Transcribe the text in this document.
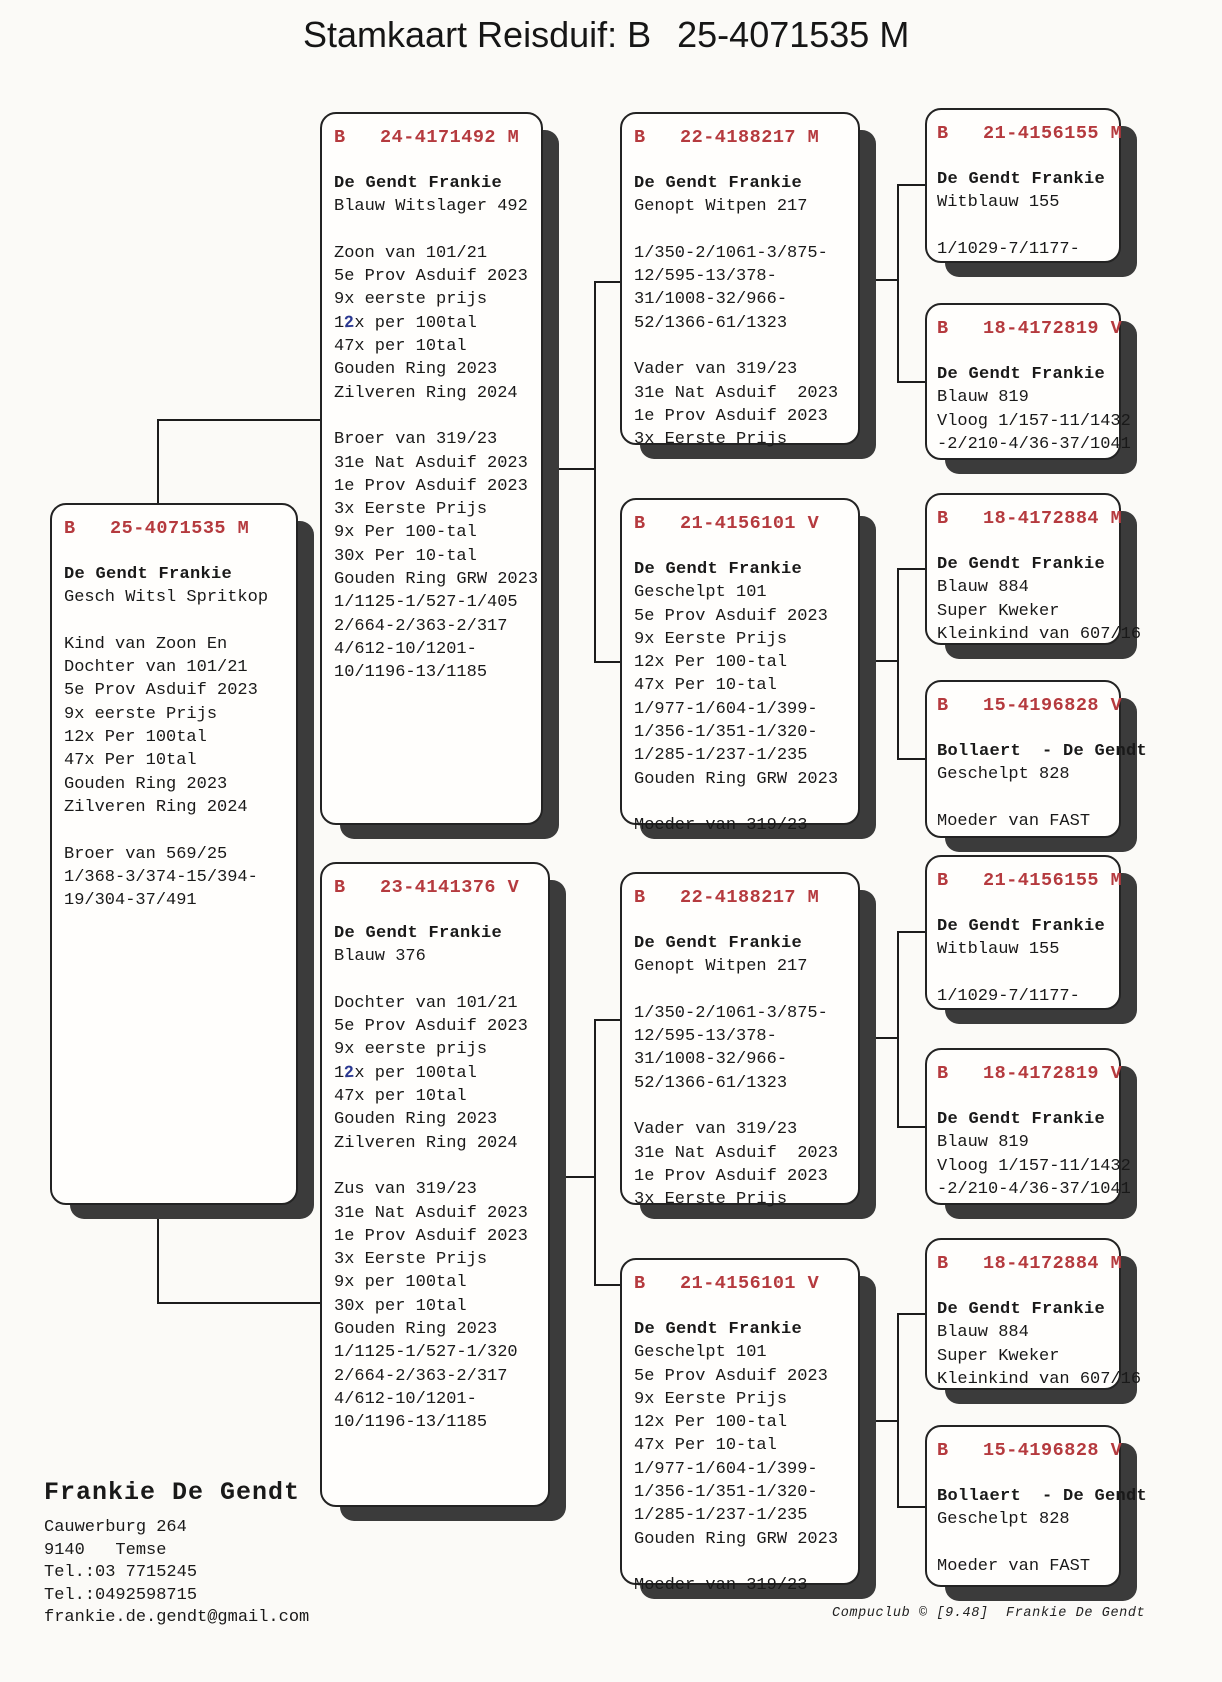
Stamkaart Reisduif: B 25-4071535 M
B	25-4071535 M
De Gendt Frankie
Gesch Witsl Spritkop
Kind van Zoon En
Dochter van 101/21
5e Prov Asduif 2023
9x eerste Prijs
12x Per 100tal
47x Per 10tal
Gouden Ring 2023
Zilveren Ring 2024
Broer van 569/25
1/368-3/374-15/394-
19/304-37/491
B	24-4171492 M
De Gendt Frankie
Blauw Witslager 492
Zoon van 101/21
5e Prov Asduif 2023
9x eerste prijs
12x per 100tal
47x per 10tal
Gouden Ring 2023
Zilveren Ring 2024
Broer van 319/23
31e Nat Asduif 2023
1e Prov Asduif 2023
3x Eerste Prijs
9x Per 100-tal
30x Per 10-tal
Gouden Ring GRW 2023
1/1125-1/527-1/405
2/664-2/363-2/317
4/612-10/1201-
10/1196-13/1185
B	23-4141376 V
De Gendt Frankie
Blauw 376
Dochter van 101/21
5e Prov Asduif 2023
9x eerste prijs
12x per 100tal
47x per 10tal
Gouden Ring 2023
Zilveren Ring 2024
Zus van 319/23
31e Nat Asduif 2023
1e Prov Asduif 2023
3x Eerste Prijs
9x per 100tal
30x per 10tal
Gouden Ring 2023
1/1125-1/527-1/320
2/664-2/363-2/317
4/612-10/1201-
10/1196-13/1185
B	22-4188217 M
De Gendt Frankie
Genopt Witpen 217
1/350-2/1061-3/875-
12/595-13/378-
31/1008-32/966-
52/1366-61/1323
Vader van 319/23
31e Nat Asduif  2023
1e Prov Asduif 2023
3x Eerste Prijs
B	21-4156101 V
De Gendt Frankie
Geschelpt 101
5e Prov Asduif 2023
9x Eerste Prijs
12x Per 100-tal
47x Per 10-tal
1/977-1/604-1/399-
1/356-1/351-1/320-
1/285-1/237-1/235
Gouden Ring GRW 2023
Moeder van 319/23
B	22-4188217 M
De Gendt Frankie
Genopt Witpen 217
1/350-2/1061-3/875-
12/595-13/378-
31/1008-32/966-
52/1366-61/1323
Vader van 319/23
31e Nat Asduif  2023
1e Prov Asduif 2023
3x Eerste Prijs
B	21-4156101 V
De Gendt Frankie
Geschelpt 101
5e Prov Asduif 2023
9x Eerste Prijs
12x Per 100-tal
47x Per 10-tal
1/977-1/604-1/399-
1/356-1/351-1/320-
1/285-1/237-1/235
Gouden Ring GRW 2023
Moeder van 319/23
B	21-4156155 M
De Gendt Frankie
Witblauw 155
1/1029-7/1177-
B	18-4172819 V
De Gendt Frankie
Blauw 819
Vloog 1/157-11/1432
-2/210-4/36-37/1041
B	18-4172884 M
De Gendt Frankie
Blauw 884
Super Kweker
Kleinkind van 607/16
B	15-4196828 V
Bollaert  - De Gendt
Geschelpt 828
Moeder van FAST
B	21-4156155 M
De Gendt Frankie
Witblauw 155
1/1029-7/1177-
B	18-4172819 V
De Gendt Frankie
Blauw 819
Vloog 1/157-11/1432
-2/210-4/36-37/1041
B	18-4172884 M
De Gendt Frankie
Blauw 884
Super Kweker
Kleinkind van 607/16
B	15-4196828 V
Bollaert  - De Gendt
Geschelpt 828
Moeder van FAST
Frankie De Gendt
Cauwerburg 264
9140   Temse
Tel.:03 7715245
Tel.:0492598715
frankie.de.gendt@gmail.com	Compuclub © [9.48]  Frankie De Gendt
